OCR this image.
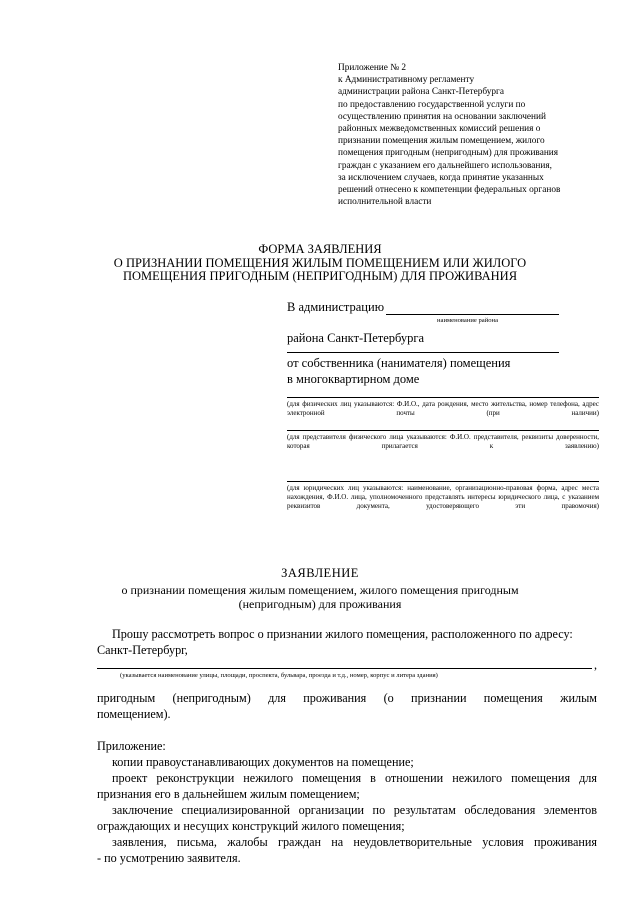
Приложение № 2
к Административному регламенту
администрации района Санкт-Петербурга
по предоставлению государственной услуги по
осуществлению принятия на основании заключений
районных межведомственных комиссий решения о
признании помещения жилым помещением, жилого
помещения пригодным (непригодным) для проживания
граждан с указанием его дальнейшего использования,
за исключением случаев, когда принятие указанных
решений отнесено к компетенции федеральных органов
исполнительной власти
ФОРМА ЗАЯВЛЕНИЯ
О ПРИЗНАНИИ ПОМЕЩЕНИЯ ЖИЛЫМ ПОМЕЩЕНИЕМ ИЛИ ЖИЛОГО
ПОМЕЩЕНИЯ ПРИГОДНЫМ (НЕПРИГОДНЫМ) ДЛЯ ПРОЖИВАНИЯ
В администрацию
наименование района
района Санкт-Петербурга
от собственника (нанимателя) помещения
в многоквартирном доме
(для физических лиц указываются: Ф.И.О., дата рождения, место жительства, номер телефона, адрес электронной почты (при наличии)
(для представителя физического лица указываются: Ф.И.О. представителя, реквизиты доверенности, которая прилагается к заявлению)
(для юридических лиц указываются: наименование, организационно-правовая форма, адрес места нахождения, Ф.И.О. лица, уполномоченного представлять интересы юридического лица, с указанием реквизитов документа, удостоверяющего эти правомочия)
ЗАЯВЛЕНИЕ
о признании помещения жилым помещением, жилого помещения пригодным
(непригодным) для проживания
Прошу рассмотреть вопрос о признании жилого помещения, расположенного по адресу:
Санкт-Петербург,
,
(указывается наименование улицы, площади, проспекта, бульвара, проезда и т.д., номер, корпус и литера здания)
пригодным (непригодным) для проживания (о признании помещения жилым
помещением).
Приложение:
копии правоустанавливающих документов на помещение;
проект реконструкции нежилого помещения в отношении нежилого помещения для
признания его в дальнейшем жилым помещением;
заключение специализированной организации по результатам обследования элементов
ограждающих и несущих конструкций жилого помещения;
заявления, письма, жалобы граждан на неудовлетворительные условия проживания
- по усмотрению заявителя.
